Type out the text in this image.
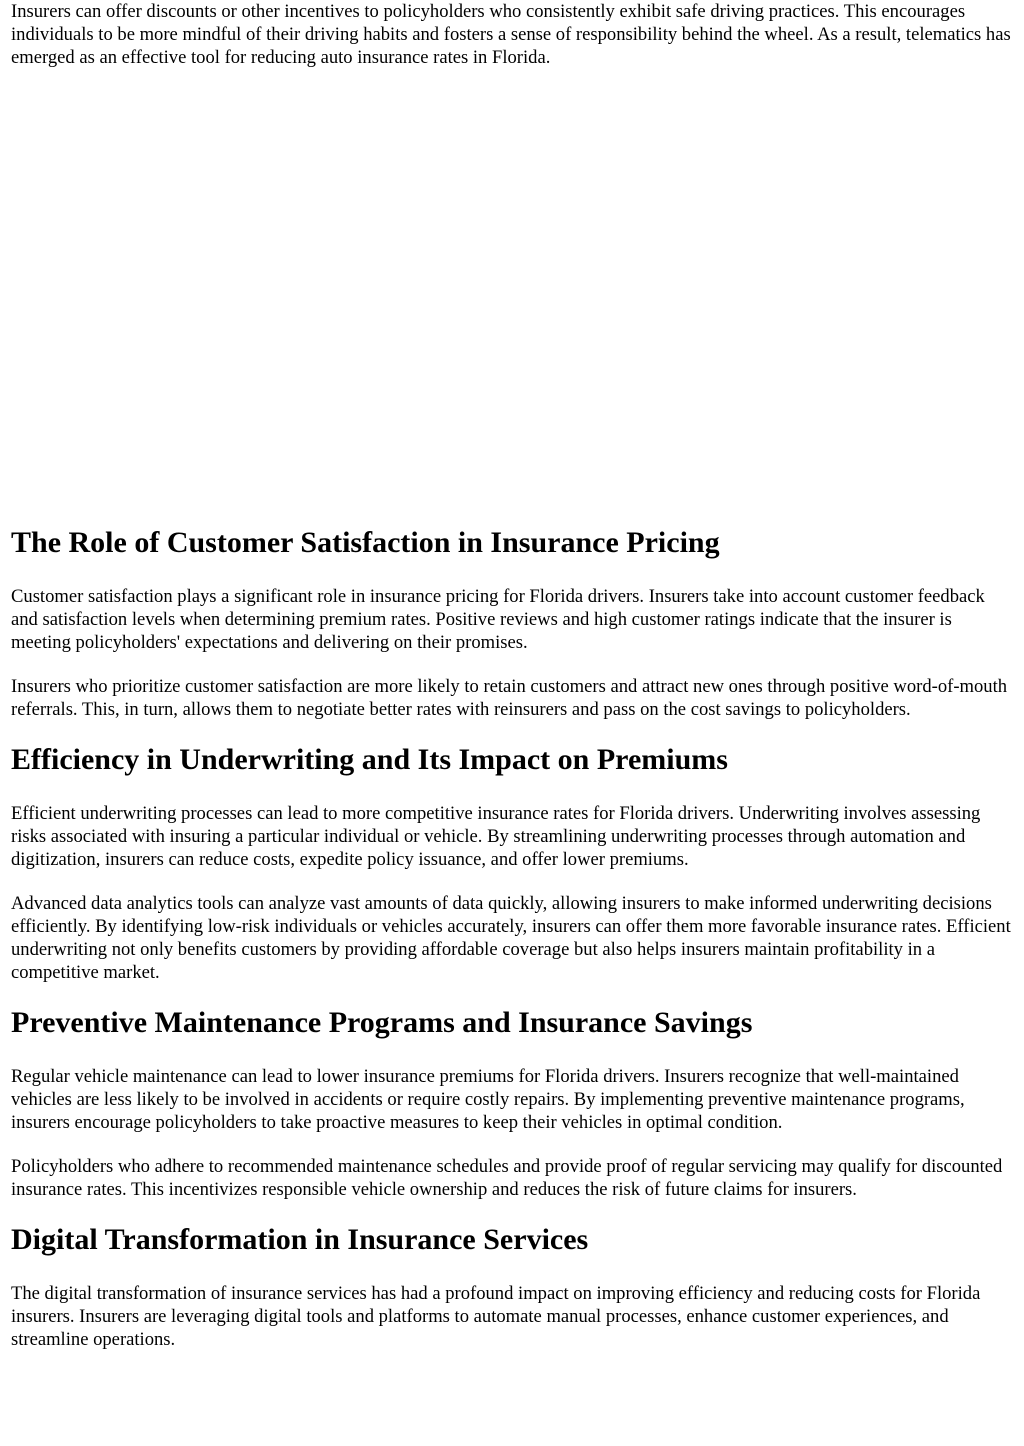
Insurers can offer discounts or other incentives to policyholders who consistently exhibit safe driving practices. This encourages individuals to be more mindful of their driving habits and fosters a sense of responsibility behind the wheel. As a result, telematics has emerged as an effective tool for reducing auto insurance rates in Florida.

The Role of Customer Satisfaction in Insurance Pricing

Customer satisfaction plays a significant role in insurance pricing for Florida drivers. Insurers take into account customer feedback and satisfaction levels when determining premium rates. Positive reviews and high customer ratings indicate that the insurer is meeting policyholders' expectations and delivering on their promises.

Insurers who prioritize customer satisfaction are more likely to retain customers and attract new ones through positive word-of-mouth referrals. This, in turn, allows them to negotiate better rates with reinsurers and pass on the cost savings to policyholders.

Efficiency in Underwriting and Its Impact on Premiums

Efficient underwriting processes can lead to more competitive insurance rates for Florida drivers. Underwriting involves assessing risks associated with insuring a particular individual or vehicle. By streamlining underwriting processes through automation and digitization, insurers can reduce costs, expedite policy issuance, and offer lower premiums.

Advanced data analytics tools can analyze vast amounts of data quickly, allowing insurers to make informed underwriting decisions efficiently. By identifying low-risk individuals or vehicles accurately, insurers can offer them more favorable insurance rates. Efficient underwriting not only benefits customers by providing affordable coverage but also helps insurers maintain profitability in a competitive market.

Preventive Maintenance Programs and Insurance Savings

Regular vehicle maintenance can lead to lower insurance premiums for Florida drivers. Insurers recognize that well-maintained vehicles are less likely to be involved in accidents or require costly repairs. By implementing preventive maintenance programs, insurers encourage policyholders to take proactive measures to keep their vehicles in optimal condition.

Policyholders who adhere to recommended maintenance schedules and provide proof of regular servicing may qualify for discounted insurance rates. This incentivizes responsible vehicle ownership and reduces the risk of future claims for insurers.

Digital Transformation in Insurance Services

The digital transformation of insurance services has had a profound impact on improving efficiency and reducing costs for Florida insurers. Insurers are leveraging digital tools and platforms to automate manual processes, enhance customer experiences, and streamline operations.
